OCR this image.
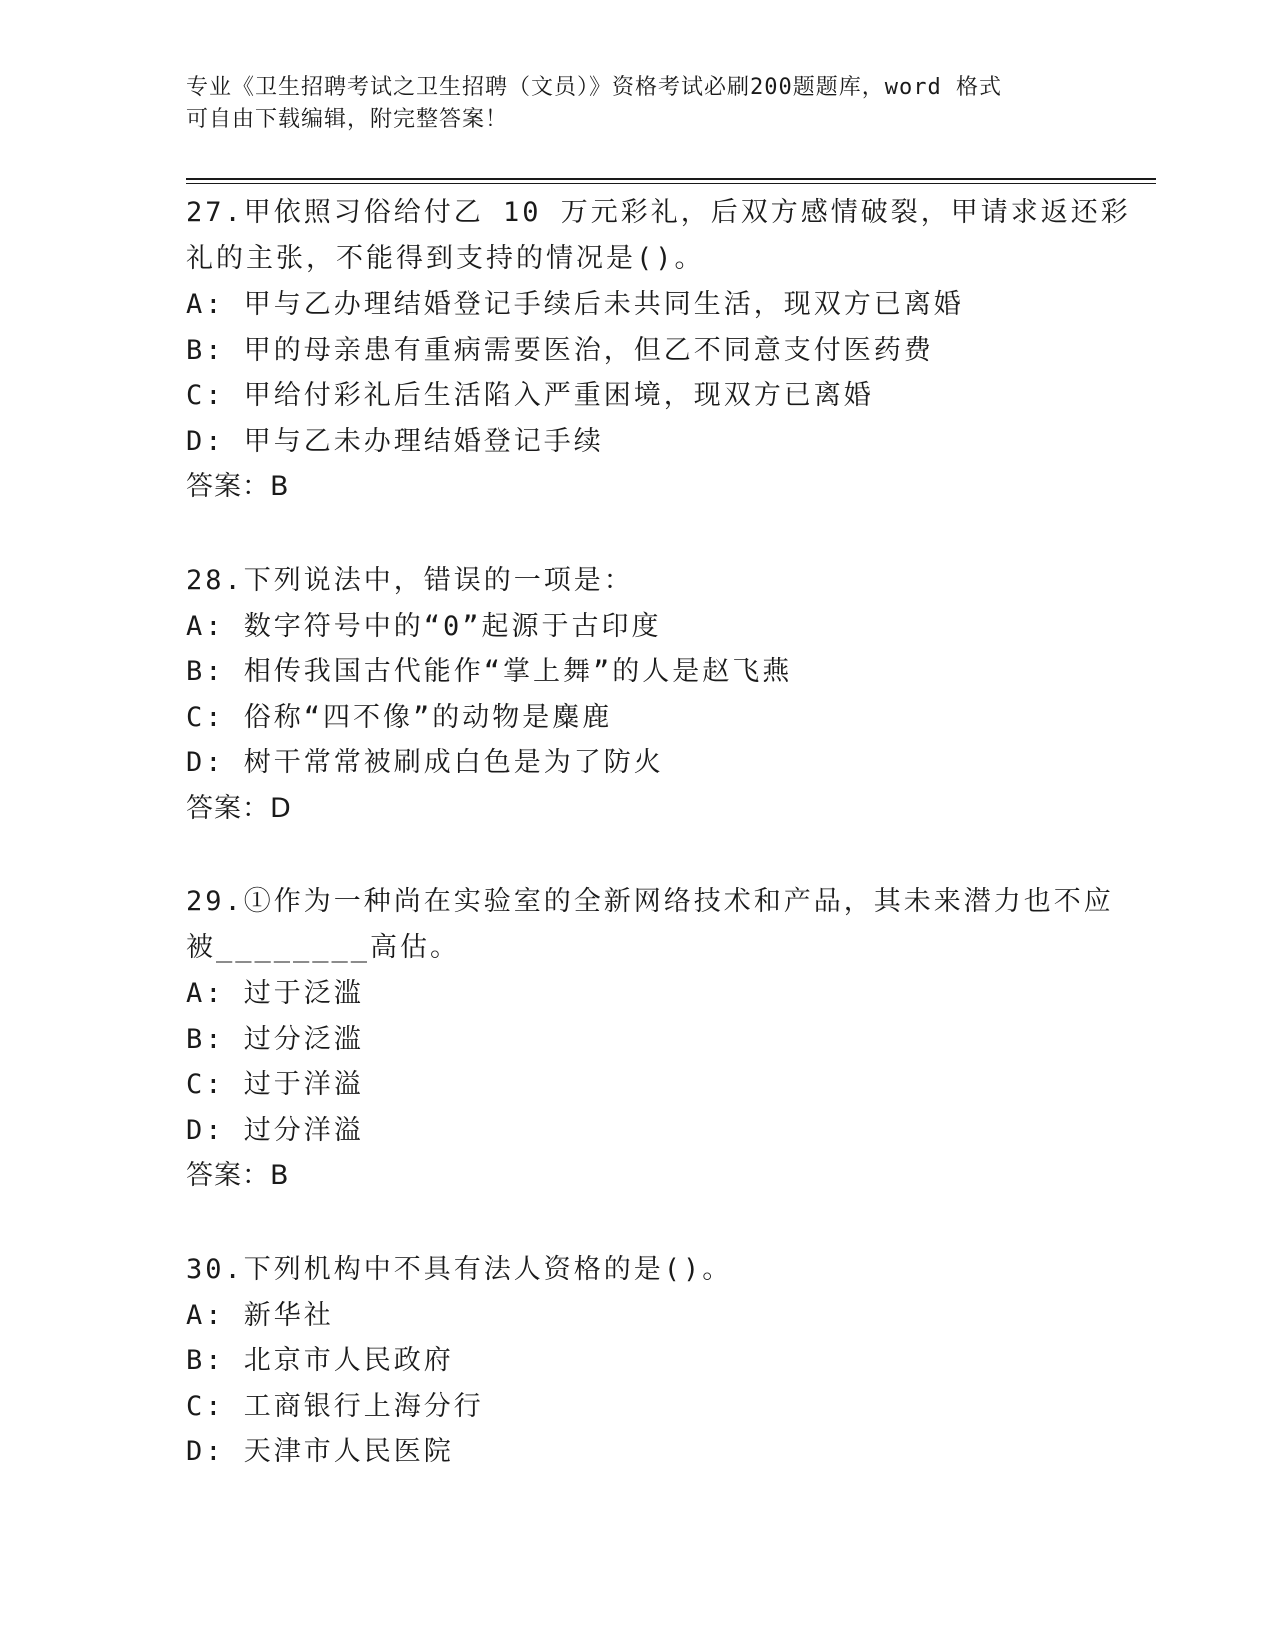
专业《卫生招聘考试之卫生招聘（文员）》资格考试必刷200题题库，word 格式
可自由下载编辑，附完整答案！
27.甲依照习俗给付乙 10 万元彩礼，后双方感情破裂，甲请求返还彩
礼的主张，不能得到支持的情况是()。
A: 甲与乙办理结婚登记手续后未共同生活，现双方已离婚
B: 甲的母亲患有重病需要医治，但乙不同意支付医药费
C: 甲给付彩礼后生活陷入严重困境，现双方已离婚
D: 甲与乙未办理结婚登记手续
答案：B
28.下列说法中，错误的一项是：
A: 数字符号中的“0”起源于古印度
B: 相传我国古代能作“掌上舞”的人是赵飞燕
C: 俗称“四不像”的动物是麋鹿
D: 树干常常被刷成白色是为了防火
答案：D
29.①作为一种尚在实验室的全新网络技术和产品，其未来潜力也不应
被________高估。
A: 过于泛滥
B: 过分泛滥
C: 过于洋溢
D: 过分洋溢
答案：B
30.下列机构中不具有法人资格的是()。
A: 新华社
B: 北京市人民政府
C: 工商银行上海分行
D: 天津市人民医院
